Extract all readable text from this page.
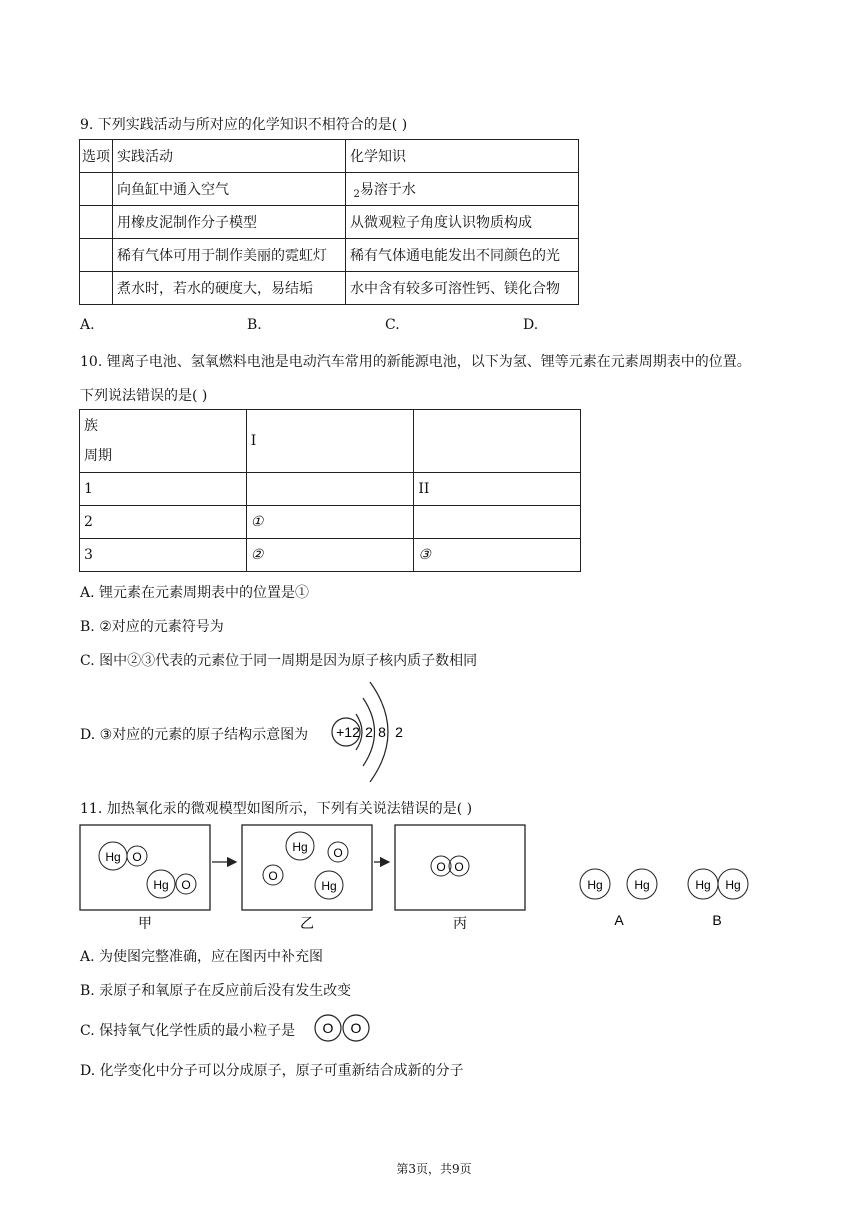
9. 下列实践活动与所对应的化学知识不相符合的是( )
选项	实践活动	化学知识
	向鱼缸中通入空气	 $_2$易溶于水
	用橡皮泥制作分子模型	从微观粒子角度认识物质构成
	稀有气体可用于制作美丽的霓虹灯	稀有气体通电能发出不同颜色的光
	煮水时，若水的硬度大，易结垢	水中含有较多可溶性钙、镁化合物
A.	B.	C.	D.
10. 锂离子电池、氢氧燃料电池是电动汽车常用的新能源电池，以下为氢、锂等元素在元素周期表中的位置。
下列说法错误的是( )
族
周期	I	
1		II
2	①	
3	②	③
A. 锂元素在元素周期表中的位置是①
B. ②对应的元素符号为
C. 图中②③代表的元素位于同一周期是因为原子核内质子数相同
D. ③对应的元素的原子结构示意图为 +12 2 8 2
11. 加热氧化汞的微观模型如图所示，下列有关说法错误的是( )
Hg O
Hg O
Hg O
O
Hg
O O
Hg	Hg	Hg Hg
甲	乙	丙	A	B
A. 为使图完整准确，应在图丙中补充图
B. 汞原子和氧原子在反应前后没有发生改变
C. 保持氧气化学性质的最小粒子是 O O
D. 化学变化中分子可以分成原子，原子可重新结合成新的分子
第3页，共9页
